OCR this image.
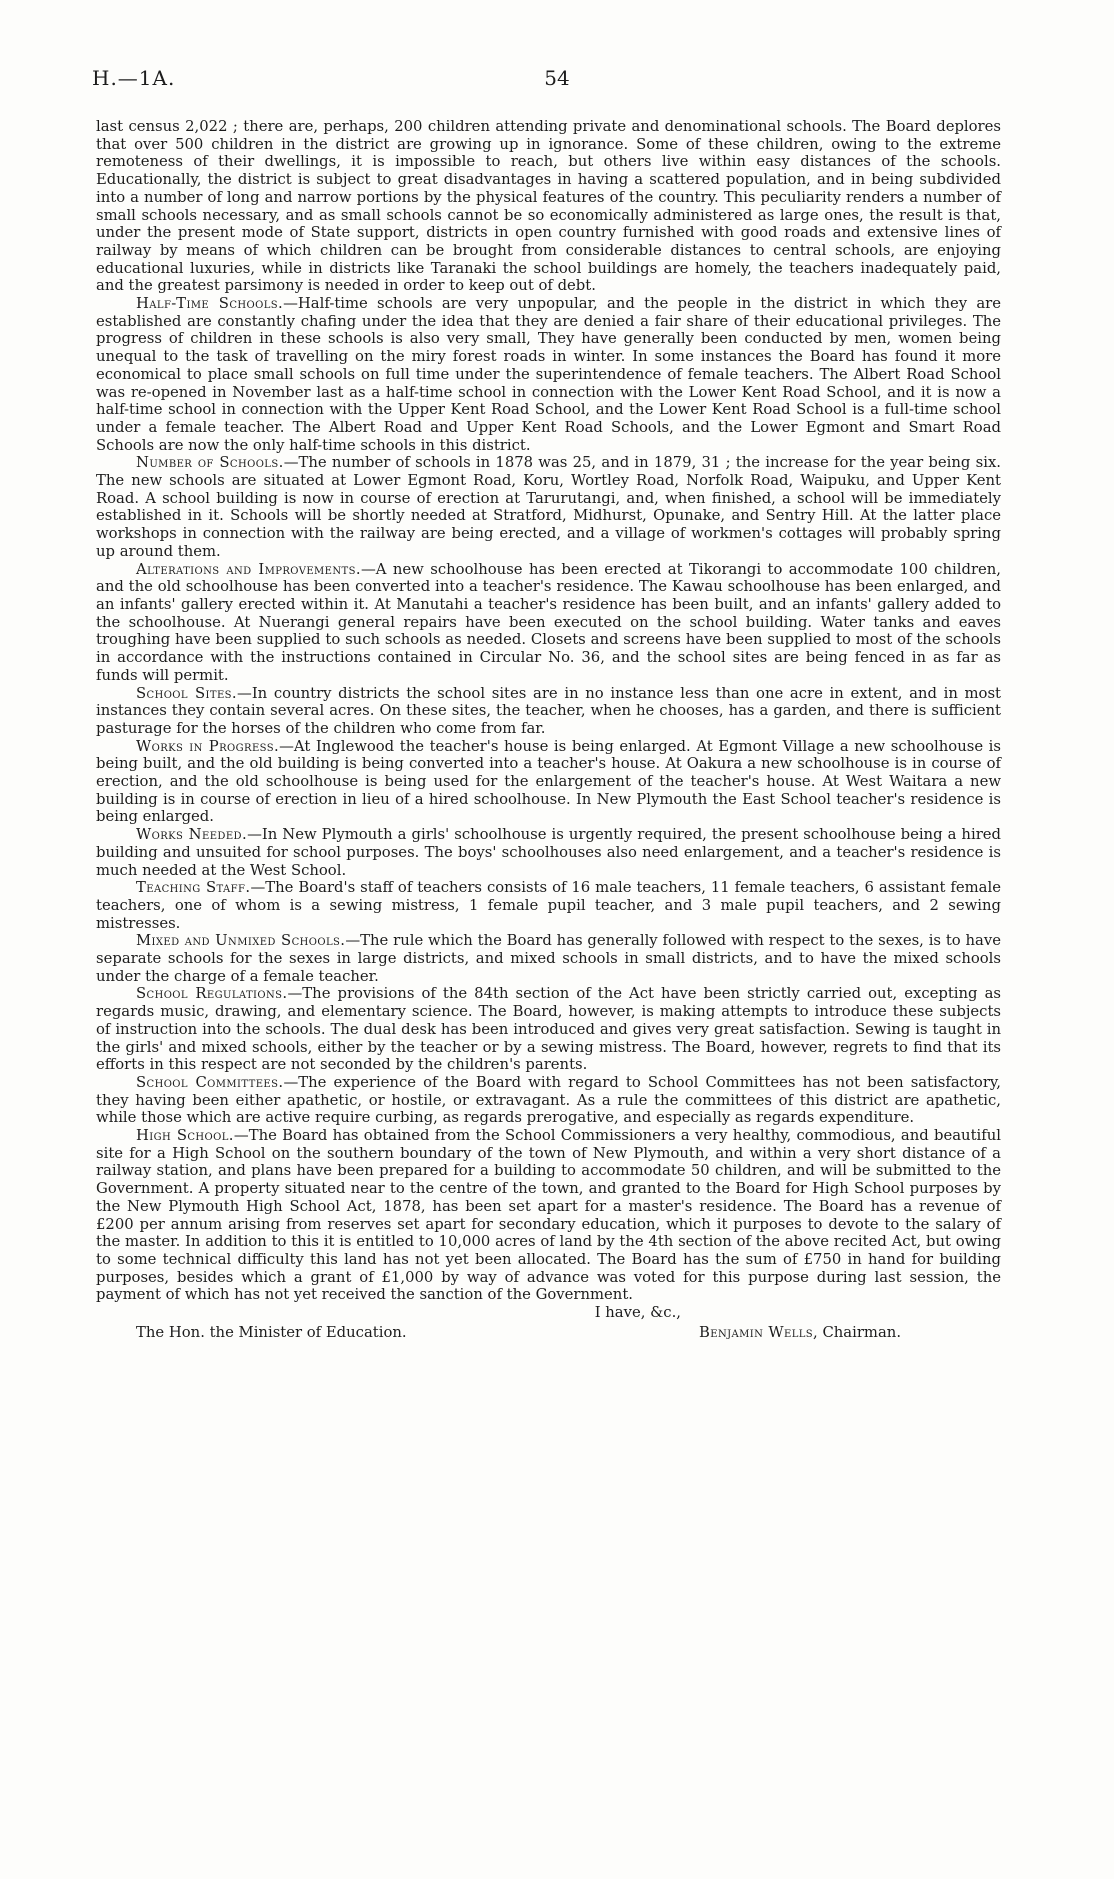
H.—1A.	54

last census 2,022 ; there are, perhaps, 200 children attending private and denominational schools. The Board deplores that over 500 children in the district are growing up in ignorance. Some of these children, owing to the extreme remoteness of their dwellings, it is impossible to reach, but others live within easy distances of the schools. Educationally, the district is subject to great disadvantages in having a scattered population, and in being subdivided into a number of long and narrow portions by the physical features of the country. This peculiarity renders a number of small schools necessary, and as small schools cannot be so economically administered as large ones, the result is that, under the present mode of State support, districts in open country furnished with good roads and extensive lines of railway by means of which children can be brought from considerable distances to central schools, are enjoying educational luxuries, while in districts like Taranaki the school buildings are homely, the teachers inadequately paid, and the greatest parsimony is needed in order to keep out of debt.

Half-Time Schools.—Half-time schools are very unpopular, and the people in the district in which they are established are constantly chafing under the idea that they are denied a fair share of their educational privileges. The progress of children in these schools is also very small, They have generally been conducted by men, women being unequal to the task of travelling on the miry forest roads in winter. In some instances the Board has found it more economical to place small schools on full time under the superintendence of female teachers. The Albert Road School was re-opened in November last as a half-time school in connection with the Lower Kent Road School, and it is now a half-time school in connection with the Upper Kent Road School, and the Lower Kent Road School is a full-time school under a female teacher. The Albert Road and Upper Kent Road Schools, and the Lower Egmont and Smart Road Schools are now the only half-time schools in this district.

Number of Schools.—The number of schools in 1878 was 25, and in 1879, 31 ; the increase for the year being six. The new schools are situated at Lower Egmont Road, Koru, Wortley Road, Norfolk Road, Waipuku, and Upper Kent Road. A school building is now in course of erection at Tarurutangi, and, when finished, a school will be immediately established in it. Schools will be shortly needed at Stratford, Midhurst, Opunake, and Sentry Hill. At the latter place workshops in connection with the railway are being erected, and a village of workmen's cottages will probably spring up around them.

Alterations and Improvements.—A new schoolhouse has been erected at Tikorangi to accommodate 100 children, and the old schoolhouse has been converted into a teacher's residence. The Kawau schoolhouse has been enlarged, and an infants' gallery erected within it. At Manutahi a teacher's residence has been built, and an infants' gallery added to the schoolhouse. At Nuerangi general repairs have been executed on the school building. Water tanks and eaves troughing have been supplied to such schools as needed. Closets and screens have been supplied to most of the schools in accordance with the instructions contained in Circular No. 36, and the school sites are being fenced in as far as funds will permit.

School Sites.—In country districts the school sites are in no instance less than one acre in extent, and in most instances they contain several acres. On these sites, the teacher, when he chooses, has a garden, and there is sufficient pasturage for the horses of the children who come from far.

Works in Progress.—At Inglewood the teacher's house is being enlarged. At Egmont Village a new schoolhouse is being built, and the old building is being converted into a teacher's house. At Oakura a new schoolhouse is in course of erection, and the old schoolhouse is being used for the enlargement of the teacher's house. At West Waitara a new building is in course of erection in lieu of a hired schoolhouse. In New Plymouth the East School teacher's residence is being enlarged.

Works Needed.—In New Plymouth a girls' schoolhouse is urgently required, the present schoolhouse being a hired building and unsuited for school purposes. The boys' schoolhouses also need enlargement, and a teacher's residence is much needed at the West School.

Teaching Staff.—The Board's staff of teachers consists of 16 male teachers, 11 female teachers, 6 assistant female teachers, one of whom is a sewing mistress, 1 female pupil teacher, and 3 male pupil teachers, and 2 sewing mistresses.

Mixed and Unmixed Schools.—The rule which the Board has generally followed with respect to the sexes, is to have separate schools for the sexes in large districts, and mixed schools in small districts, and to have the mixed schools under the charge of a female teacher.

School Regulations.—The provisions of the 84th section of the Act have been strictly carried out, excepting as regards music, drawing, and elementary science. The Board, however, is making attempts to introduce these subjects of instruction into the schools. The dual desk has been introduced and gives very great satisfaction. Sewing is taught in the girls' and mixed schools, either by the teacher or by a sewing mistress. The Board, however, regrets to find that its efforts in this respect are not seconded by the children's parents.

School Committees.—The experience of the Board with regard to School Committees has not been satisfactory, they having been either apathetic, or hostile, or extravagant. As a rule the committees of this district are apathetic, while those which are active require curbing, as regards prerogative, and especially as regards expenditure.

High School.—The Board has obtained from the School Commissioners a very healthy, commodious, and beautiful site for a High School on the southern boundary of the town of New Plymouth, and within a very short distance of a railway station, and plans have been prepared for a building to accommodate 50 children, and will be submitted to the Government. A property situated near to the centre of the town, and granted to the Board for High School purposes by the New Plymouth High School Act, 1878, has been set apart for a master's residence. The Board has a revenue of £200 per annum arising from reserves set apart for secondary education, which it purposes to devote to the salary of the master. In addition to this it is entitled to 10,000 acres of land by the 4th section of the above recited Act, but owing to some technical difficulty this land has not yet been allocated. The Board has the sum of £750 in hand for building purposes, besides which a grant of £1,000 by way of advance was voted for this purpose during last session, the payment of which has not yet received the sanction of the Government.

I have, &c.,
The Hon. the Minister of Education.	Benjamin Wells, Chairman.
